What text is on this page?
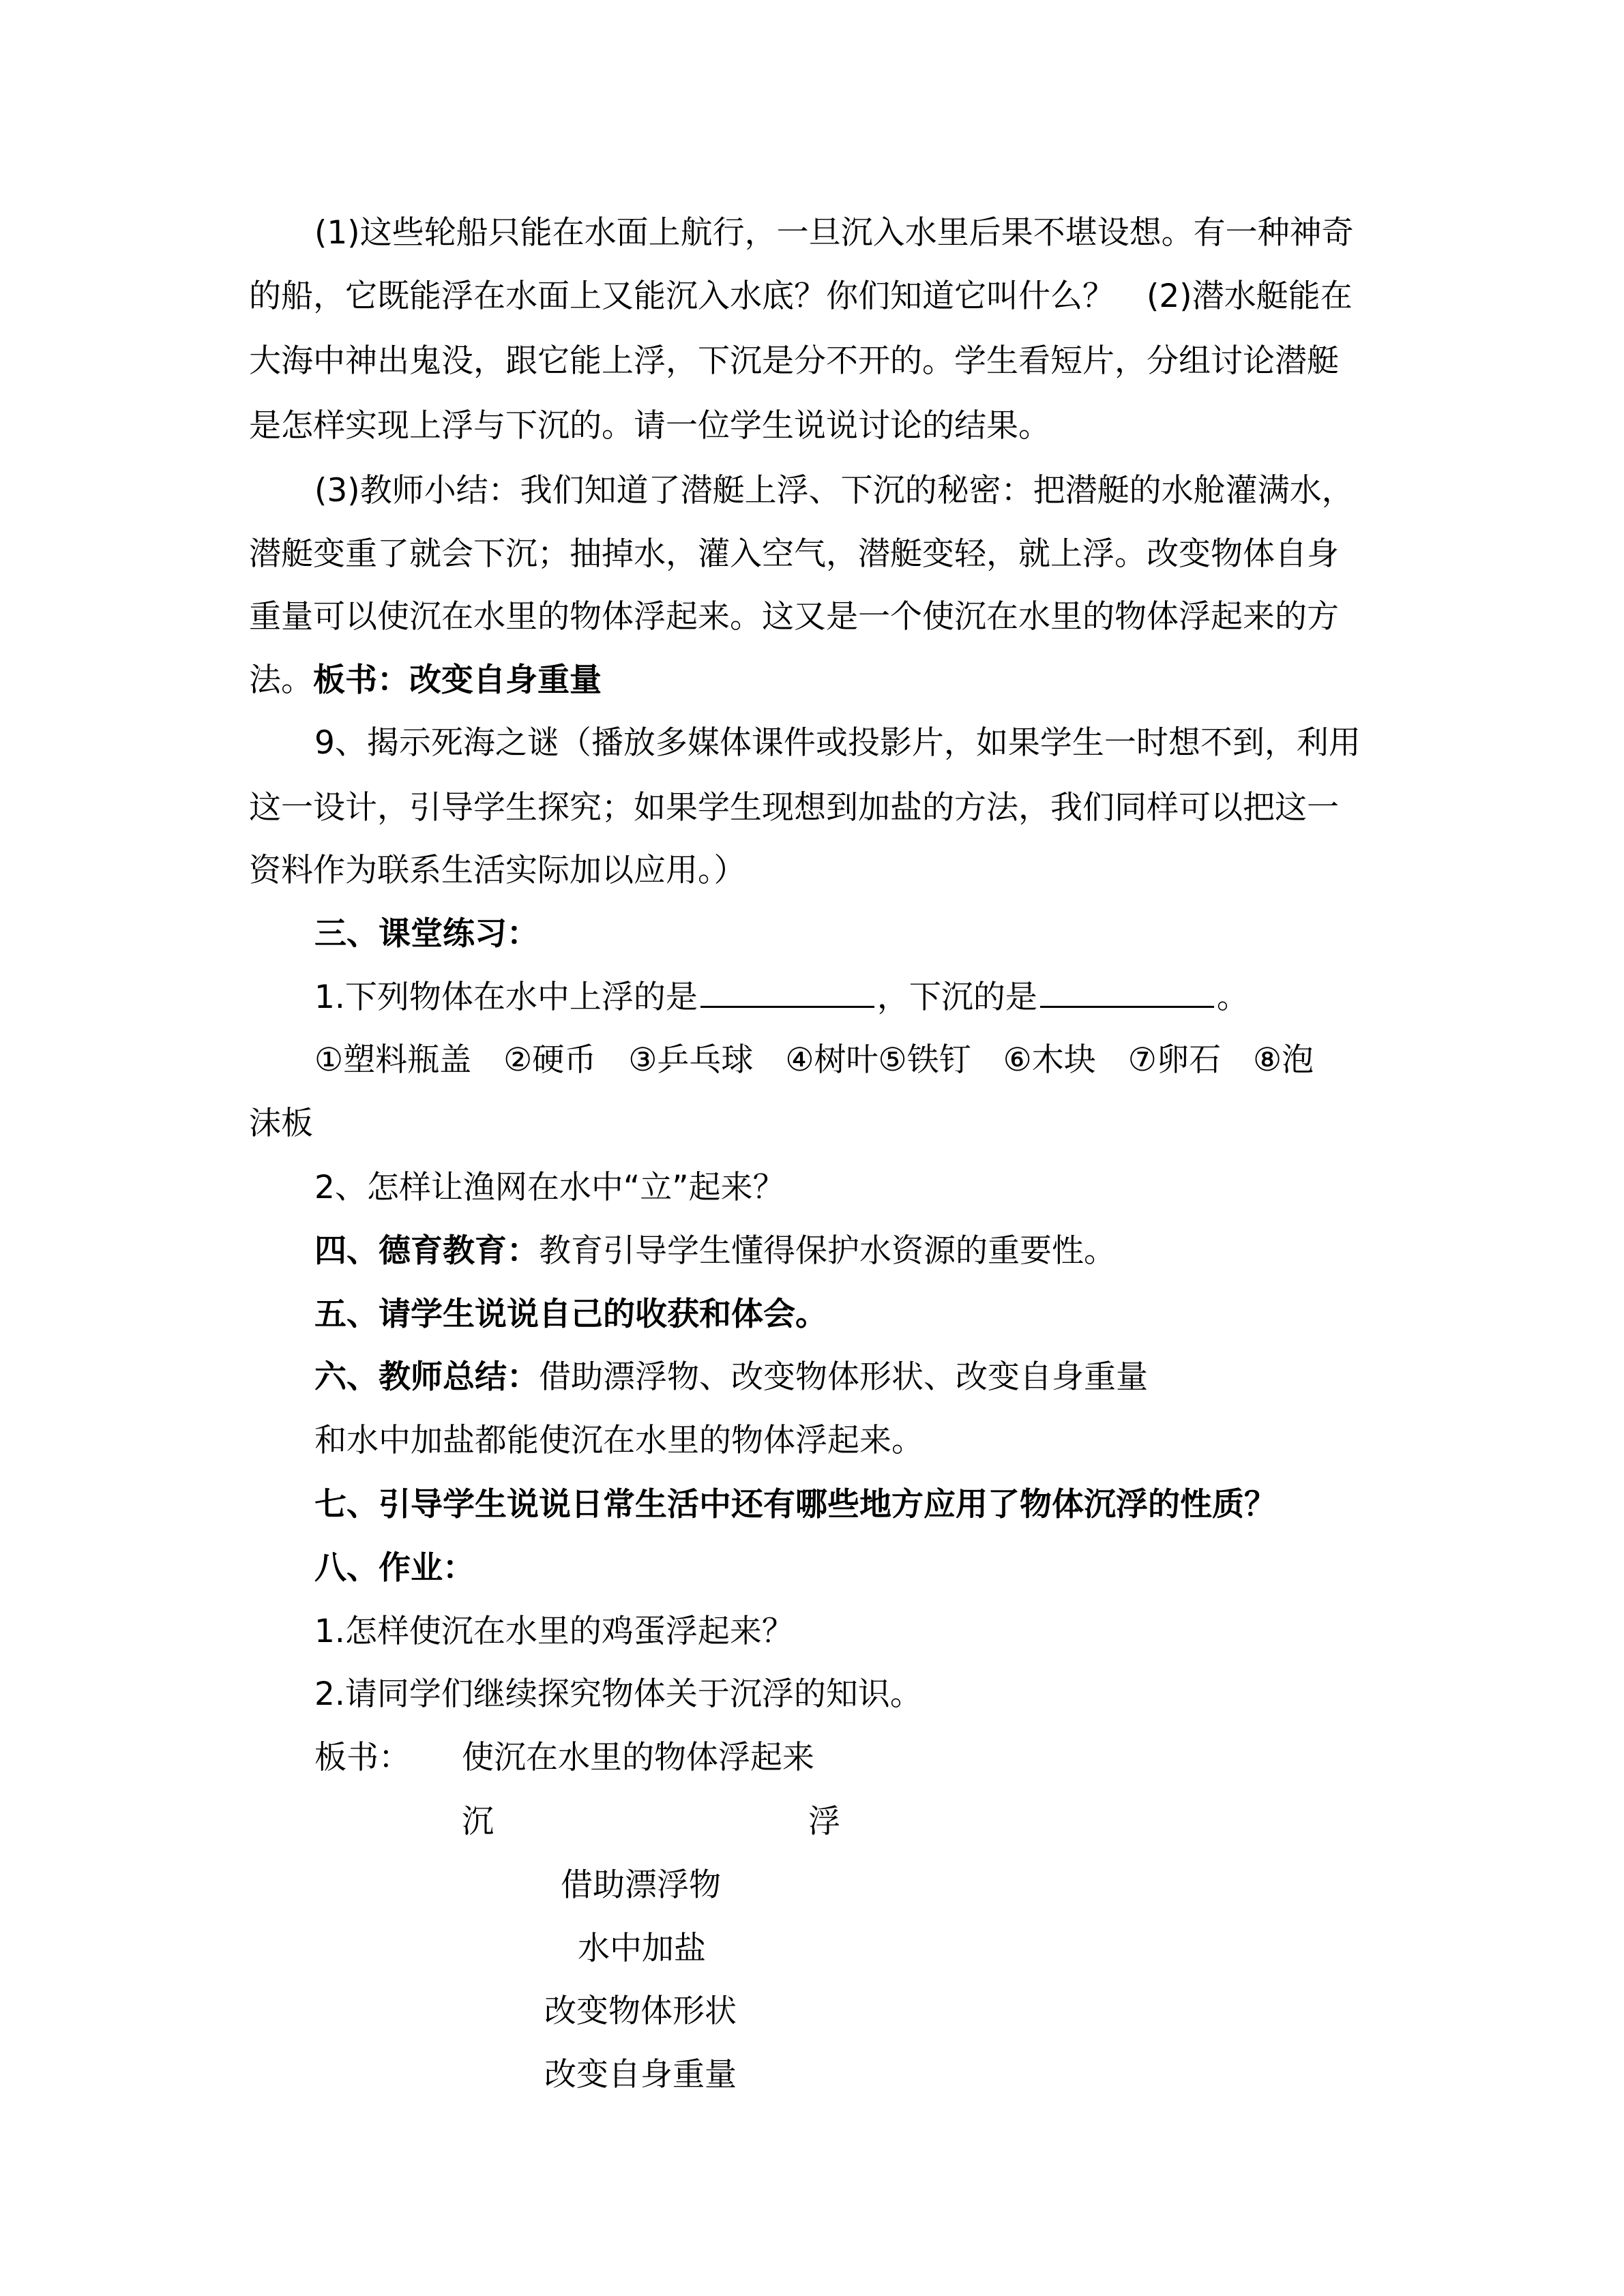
(1)这些轮船只能在水面上航行，一旦沉入水里后果不堪设想。有一种神奇
的船，它既能浮在水面上又能沉入水底？你们知道它叫什么？　(2)潜水艇能在
大海中神出鬼没，跟它能上浮，下沉是分不开的。学生看短片，分组讨论潜艇
是怎样实现上浮与下沉的。请一位学生说说讨论的结果。
(3)教师小结：我们知道了潜艇上浮、下沉的秘密：把潜艇的水舱灌满水，
潜艇变重了就会下沉；抽掉水，灌入空气，潜艇变轻，就上浮。改变物体自身
重量可以使沉在水里的物体浮起来。这又是一个使沉在水里的物体浮起来的方
法。板书：改变自身重量
9、揭示死海之谜（播放多媒体课件或投影片，如果学生一时想不到，利用
这一设计，引导学生探究；如果学生现想到加盐的方法，我们同样可以把这一
资料作为联系生活实际加以应用。）
三、课堂练习：
1.下列物体在水中上浮的是	，下沉的是	。
①塑料瓶盖　②硬币　③乒乓球　④树叶⑤铁钉　⑥木块　⑦卵石　⑧泡
沫板
2、怎样让渔网在水中“立”起来？
四、德育教育：教育引导学生懂得保护水资源的重要性。
五、请学生说说自己的收获和体会。
六、教师总结：借助漂浮物、改变物体形状、改变自身重量
和水中加盐都能使沉在水里的物体浮起来。
七、引导学生说说日常生活中还有哪些地方应用了物体沉浮的性质？
八、作业：
1.怎样使沉在水里的鸡蛋浮起来？
2.请同学们继续探究物体关于沉浮的知识。
板书： 使沉在水里的物体浮起来
沉	浮
借助漂浮物
水中加盐
改变物体形状
改变自身重量
